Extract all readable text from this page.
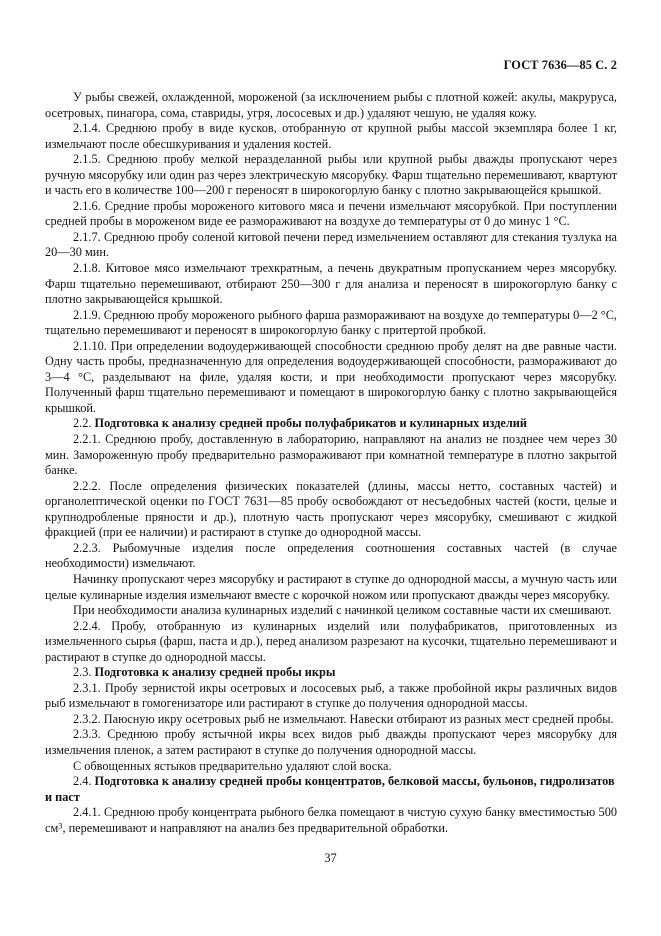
ГОСТ 7636—85 С. 2

У рыбы свежей, охлажденной, мороженой (за исключением рыбы с плотной кожей: акулы, макруруса, осетровых, пинагора, сома, ставриды, угря, лососевых и др.) удаляют чешую, не удаляя кожу.

2.1.4. Среднюю пробу в виде кусков, отобранную от крупной рыбы массой экземпляра более 1 кг, измельчают после обесшкуривания и удаления костей.

2.1.5. Среднюю пробу мелкой неразделанной рыбы или крупной рыбы дважды пропускают через ручную мясорубку или один раз через электрическую мясорубку. Фарш тщательно перемешивают, квартуют и часть его в количестве 100—200 г переносят в широкогорлую банку с плотно закрывающейся крышкой.

2.1.6. Средние пробы мороженого китового мяса и печени измельчают мясорубкой. При поступлении средней пробы в мороженом виде ее размораживают на воздухе до температуры от 0 до минус 1 °С.

2.1.7. Среднюю пробу соленой китовой печени перед измельчением оставляют для стекания тузлука на 20—30 мин.

2.1.8. Китовое мясо измельчают трехкратным, а печень двукратным пропусканием через мясорубку. Фарш тщательно перемешивают, отбирают 250—300 г для анализа и переносят в широкогорлую банку с плотно закрывающейся крышкой.

2.1.9. Среднюю пробу мороженого рыбного фарша размораживают на воздухе до температуры 0—2 °С, тщательно перемешивают и переносят в широкогорлую банку с притертой пробкой.

2.1.10. При определении водоудерживающей способности среднюю пробу делят на две равные части. Одну часть пробы, предназначенную для определения водоудерживающей способности, размораживают до 3—4 °С, разделывают на филе, удаляя кости, и при необходимости пропускают через мясорубку. Полученный фарш тщательно перемешивают и помещают в широкогорлую банку с плотно закрывающейся крышкой.

2.2. Подготовка к анализу средней пробы полуфабрикатов и кулинарных изделий

2.2.1. Среднюю пробу, доставленную в лабораторию, направляют на анализ не позднее чем через 30 мин. Замороженную пробу предварительно размораживают при комнатной температуре в плотно закрытой банке.

2.2.2. После определения физических показателей (длины, массы нетто, составных частей) и органолептической оценки по ГОСТ 7631—85 пробу освобождают от несъедобных частей (кости, целые и крупнодробленые пряности и др.), плотную часть пропускают через мясорубку, смешивают с жидкой фракцией (при ее наличии) и растирают в ступке до однородной массы.

2.2.3. Рыбомучные изделия после определения соотношения составных частей (в случае необходимости) измельчают.

Начинку пропускают через мясорубку и растирают в ступке до однородной массы, а мучную часть или целые кулинарные изделия измельчают вместе с корочкой ножом или пропускают дважды через мясорубку.

При необходимости анализа кулинарных изделий с начинкой целиком составные части их смешивают.

2.2.4. Пробу, отобранную из кулинарных изделий или полуфабрикатов, приготовленных из измельченного сырья (фарш, паста и др.), перед анализом разрезают на кусочки, тщательно перемешивают и растирают в ступке до однородной массы.

2.3. Подготовка к анализу средней пробы икры

2.3.1. Пробу зернистой икры осетровых и лососевых рыб, а также пробойной икры различных видов рыб измельчают в гомогенизаторе или растирают в ступке до получения однородной массы.

2.3.2. Паюсную икру осетровых рыб не измельчают. Навески отбирают из разных мест средней пробы.

2.3.3. Среднюю пробу ястычной икры всех видов рыб дважды пропускают через мясорубку для измельчения пленок, а затем растирают в ступке до получения однородной массы.

С обвощенных ястыков предварительно удаляют слой воска.

2.4. Подготовка к анализу средней пробы концентратов, белковой массы, бульонов, гидролизатов и паст

2.4.1. Среднюю пробу концентрата рыбного белка помещают в чистую сухую банку вместимостью 500 $см^3$, перемешивают и направляют на анализ без предварительной обработки.

37
